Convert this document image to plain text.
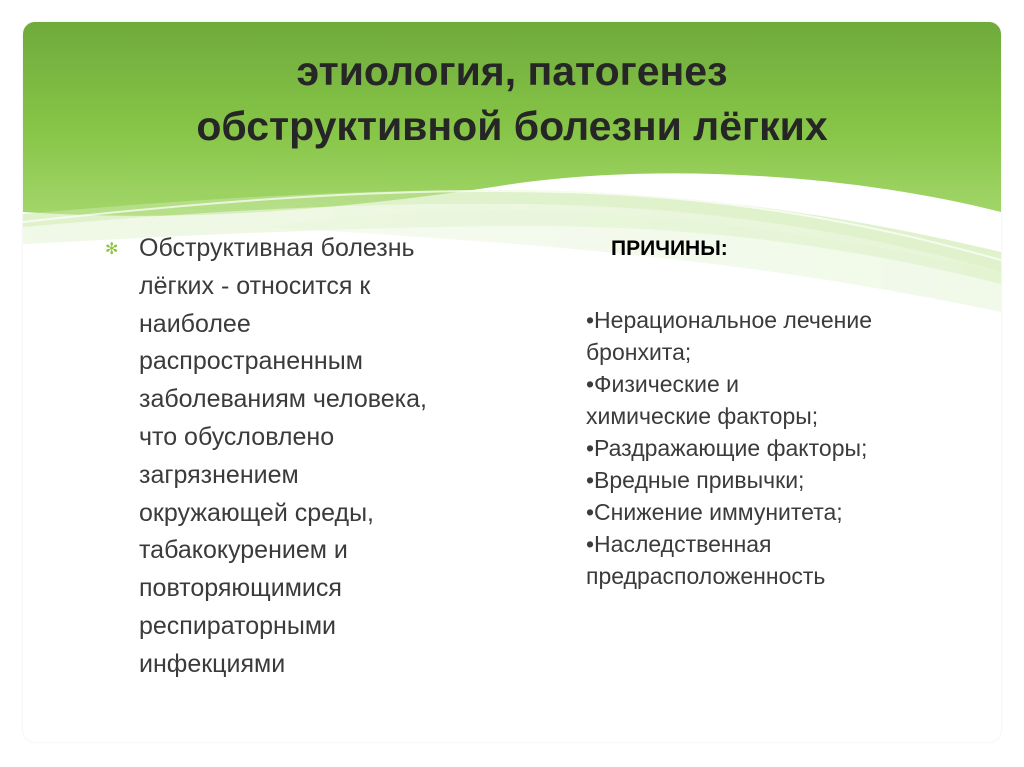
этиология, патогенез
обструктивной болезни лёгких
✻ Обструктивная болезнь
лёгких - относится к
наиболее
распространенным
заболеваниям человека,
что обусловлено
загрязнением
окружающей среды,
табакокурением и
повторяющимися
респираторными
инфекциями

ПРИЧИНЫ:
•Нерациональное лечение
бронхита;
•Физические и
химические факторы;
•Раздражающие факторы;
•Вредные привычки;
•Снижение иммунитета;
•Наследственная
предрасположенность
